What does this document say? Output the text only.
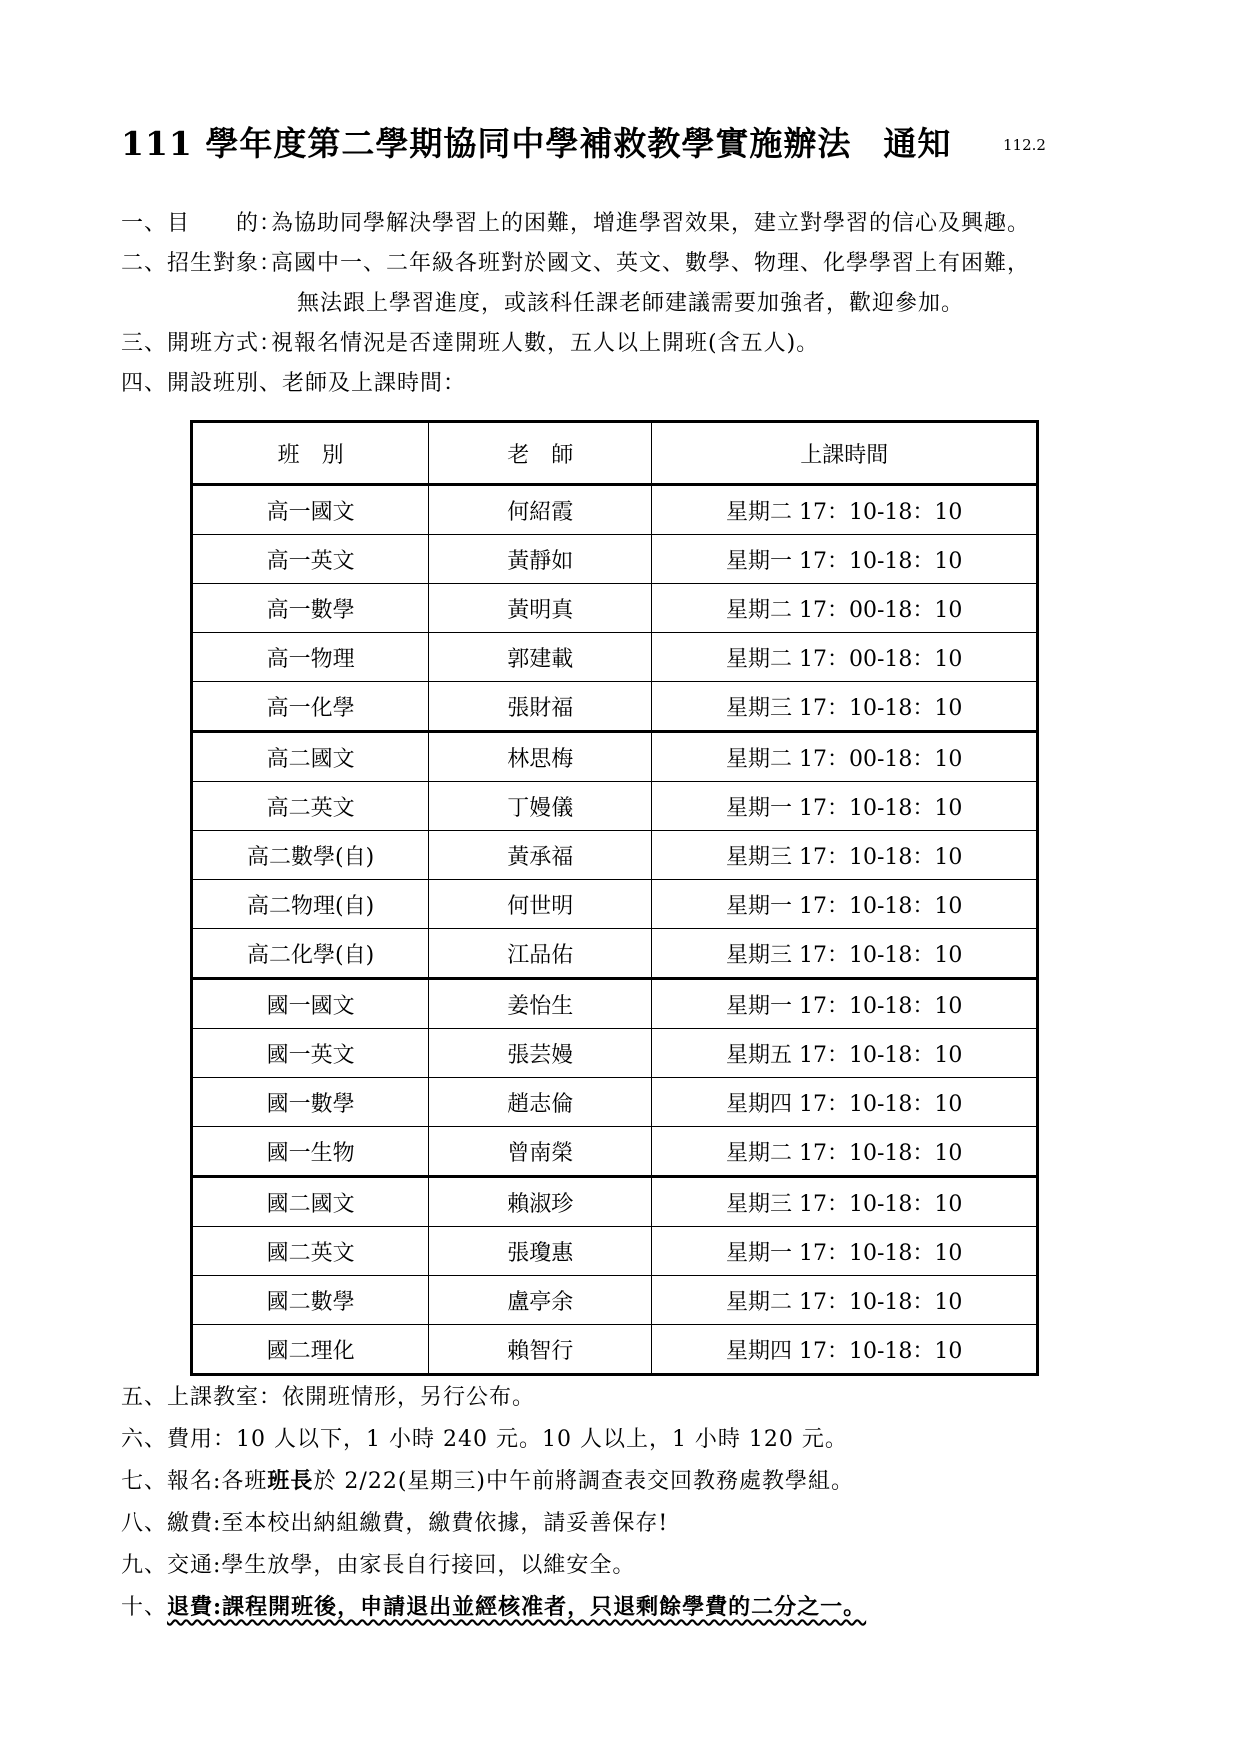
111 學年度第二學期協同中學補救教學實施辦法 通知	112.2
一、目　　的：為協助同學解決學習上的困難，增進學習效果，建立對學習的信心及興趣。
二、招生對象：高國中一、二年級各班對於國文、英文、數學、物理、化學學習上有困難，
無法跟上學習進度，或該科任課老師建議需要加強者，歡迎參加。
三、開班方式：視報名情況是否達開班人數，五人以上開班(含五人)。
四、開設班別、老師及上課時間：
班　別	老　師	上課時間
高一國文	何紹霞	星期二 17：10-18：10
高一英文	黃靜如	星期一 17：10-18：10
高一數學	黃明真	星期二 17：00-18：10
高一物理	郭建載	星期二 17：00-18：10
高一化學	張財福	星期三 17：10-18：10
高二國文	林思梅	星期二 17：00-18：10
高二英文	丁嫚儀	星期一 17：10-18：10
高二數學(自)	黃承福	星期三 17：10-18：10
高二物理(自)	何世明	星期一 17：10-18：10
高二化學(自)	江品佑	星期三 17：10-18：10
國一國文	姜怡生	星期一 17：10-18：10
國一英文	張芸嫚	星期五 17：10-18：10
國一數學	趙志倫	星期四 17：10-18：10
國一生物	曾南榮	星期二 17：10-18：10
國二國文	賴淑珍	星期三 17：10-18：10
國二英文	張瓊惠	星期一 17：10-18：10
國二數學	盧亭余	星期二 17：10-18：10
國二理化	賴智行	星期四 17：10-18：10
五、上課教室：依開班情形，另行公布。
六、費用：10 人以下，1 小時 240 元。10 人以上，1 小時 120 元。
七、報名:各班班長於 2/22(星期三)中午前將調查表交回教務處教學組。
八、繳費:至本校出納組繳費，繳費依據，請妥善保存!
九、交通:學生放學，由家長自行接回，以維安全。
十、退費:課程開班後，申請退出並經核准者，只退剩餘學費的二分之一。
